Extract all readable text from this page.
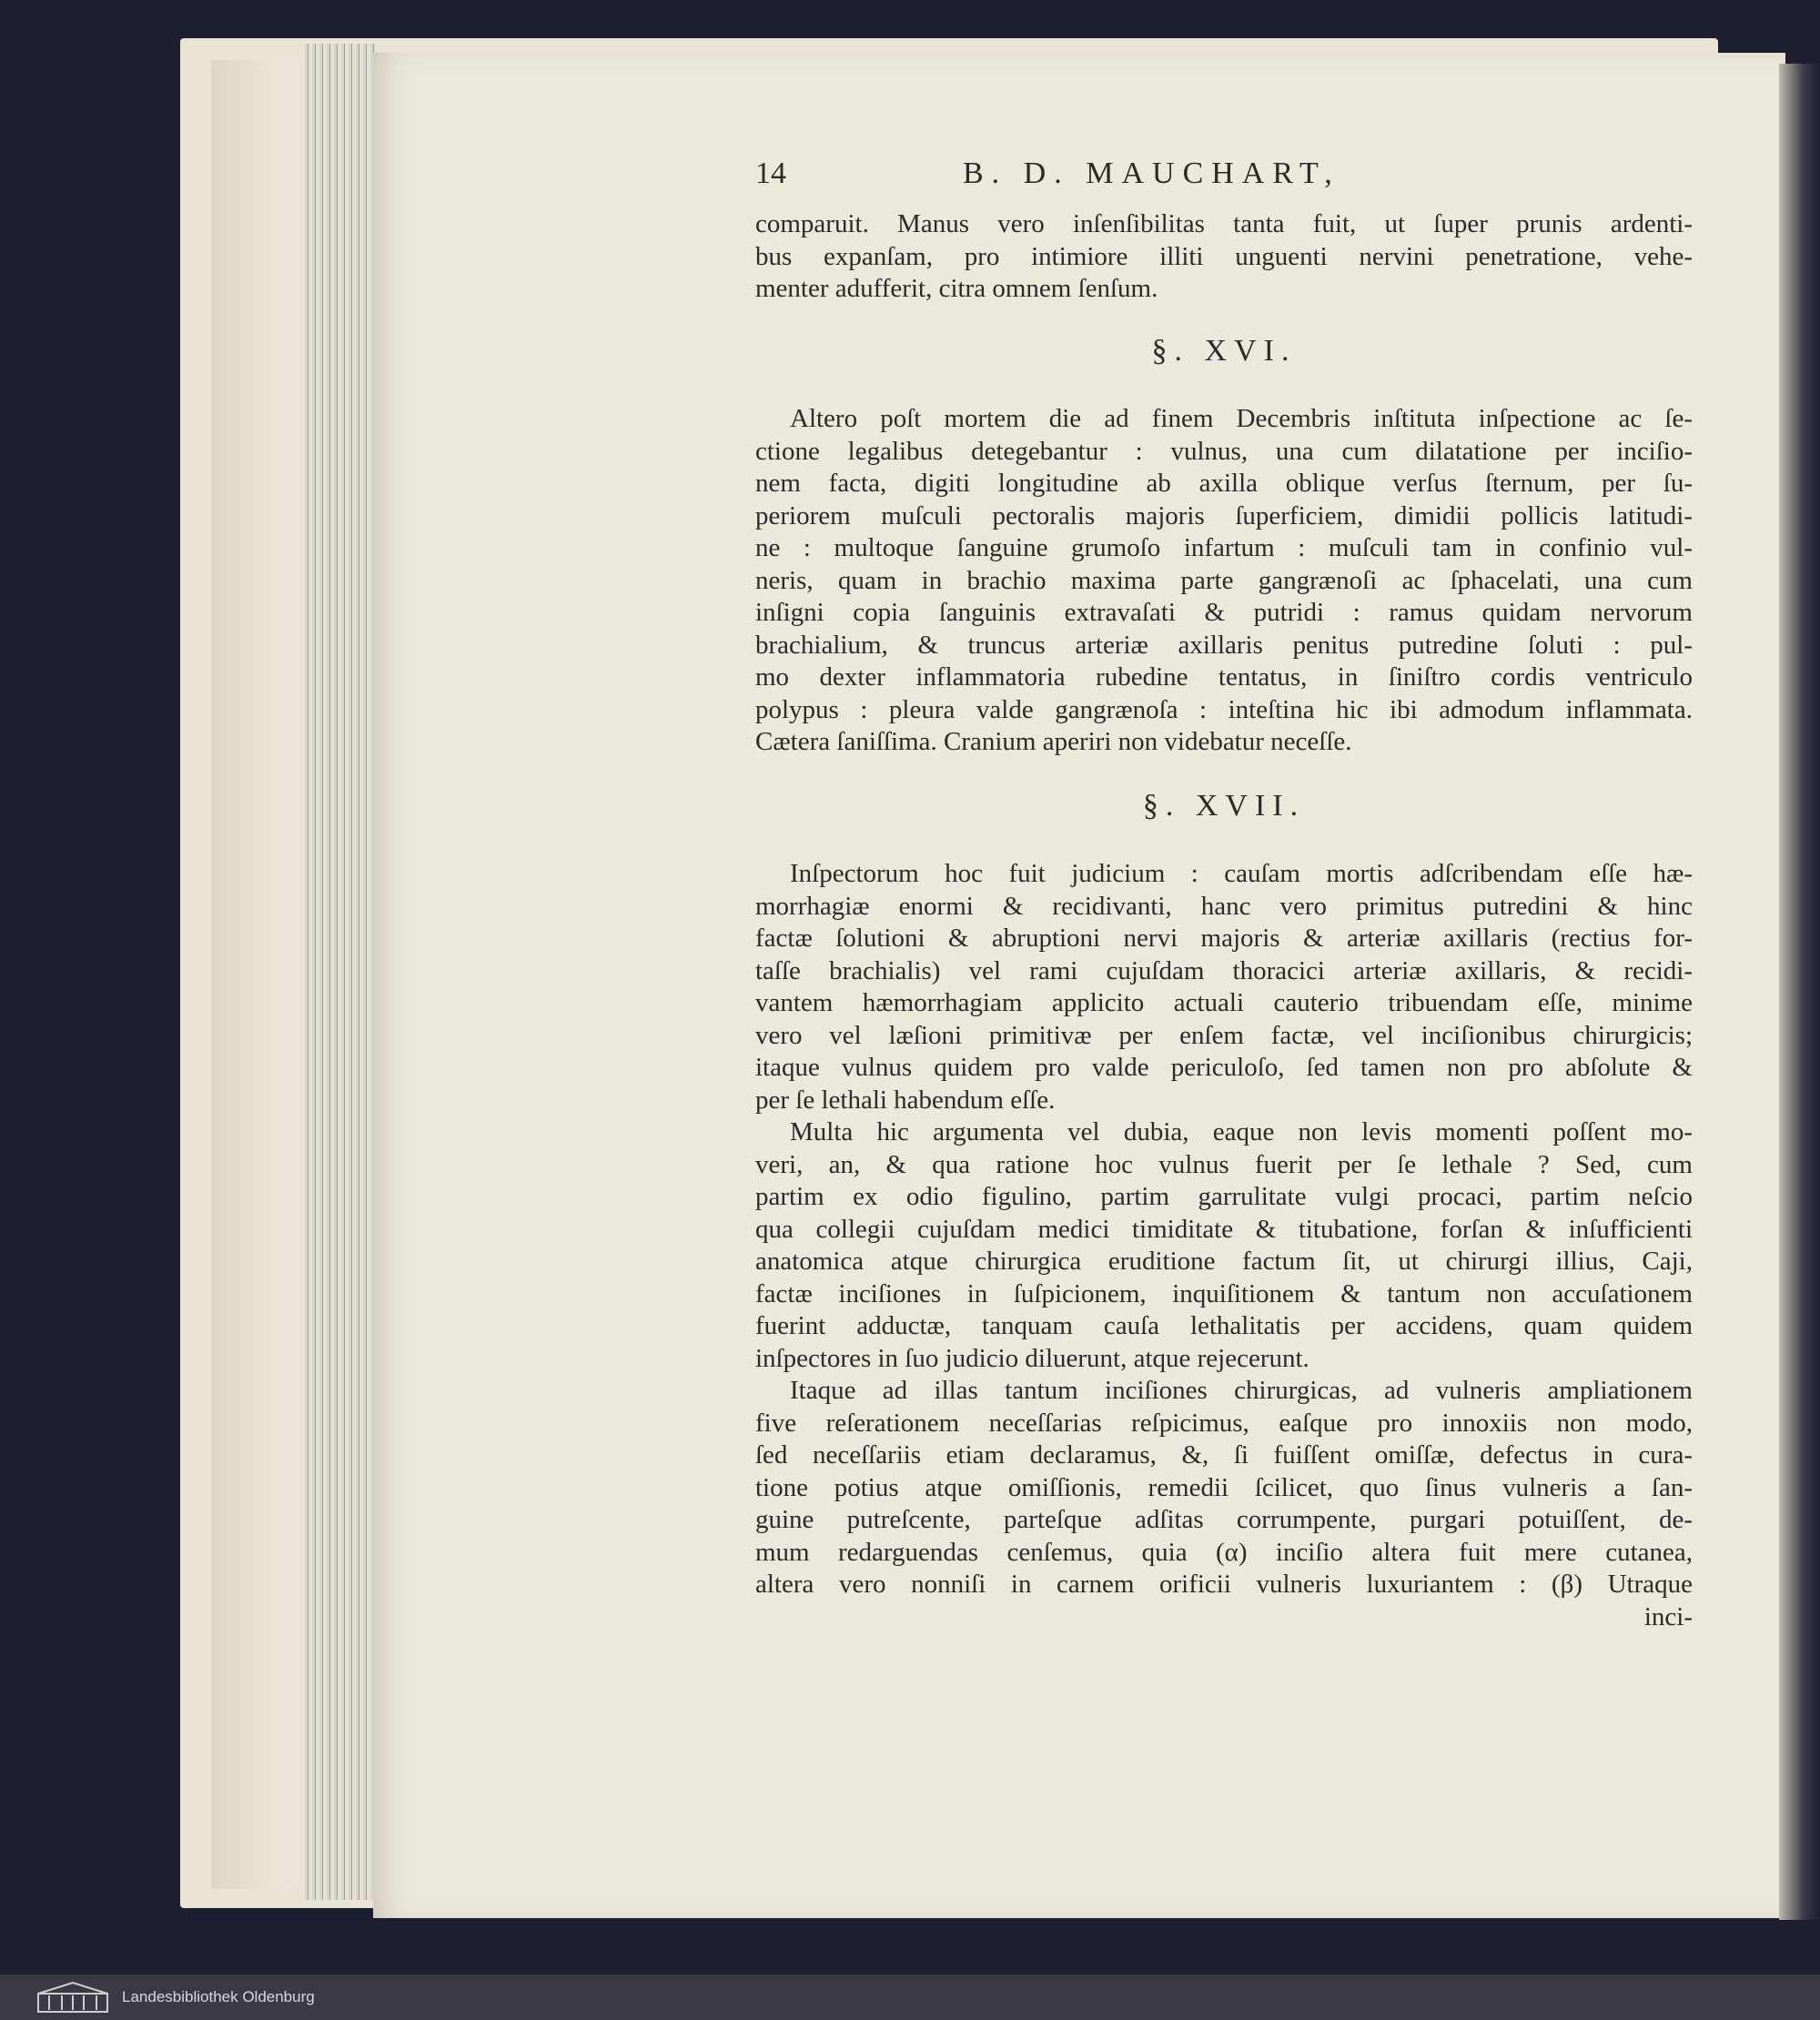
14	B. D. MAUCHART,
comparuit. Manus vero inſenſibilitas tanta fuit, ut ſuper prunis ardenti-
bus expanſam, pro intimiore illiti unguenti nervini penetratione, vehe-
menter adufferit, citra omnem ſenſum.
§. XVI.
Altero poſt mortem die ad finem Decembris inſtituta inſpectione ac ſe-
ctione legalibus detegebantur : vulnus, una cum dilatatione per inciſio-
nem facta, digiti longitudine ab axilla oblique verſus ſternum, per ſu-
periorem muſculi pectoralis majoris ſuperficiem, dimidii pollicis latitudi-
ne : multoque ſanguine grumoſo infartum : muſculi tam in confinio vul-
neris, quam in brachio maxima parte gangrænoſi ac ſphacelati, una cum
inſigni copia ſanguinis extravaſati & putridi : ramus quidam nervorum
brachialium, & truncus arteriæ axillaris penitus putredine ſoluti : pul-
mo dexter inflammatoria rubedine tentatus, in ſiniſtro cordis ventriculo
polypus : pleura valde gangrænoſa : inteſtina hic ibi admodum inflammata.
Cætera ſaniſſima. Cranium aperiri non videbatur neceſſe.
§. XVII.
Inſpectorum hoc fuit judicium : cauſam mortis adſcribendam eſſe hæ-
morrhagiæ enormi & recidivanti, hanc vero primitus putredini & hinc
factæ ſolutioni & abruptioni nervi majoris & arteriæ axillaris (rectius for-
taſſe brachialis) vel rami cujuſdam thoracici arteriæ axillaris, & recidi-
vantem hæmorrhagiam applicito actuali cauterio tribuendam eſſe, minime
vero vel læſioni primitivæ per enſem factæ, vel inciſionibus chirurgicis;
itaque vulnus quidem pro valde periculoſo, ſed tamen non pro abſolute &
per ſe lethali habendum eſſe.
Multa hic argumenta vel dubia, eaque non levis momenti poſſent mo-
veri, an, & qua ratione hoc vulnus fuerit per ſe lethale ? Sed, cum
partim ex odio figulino, partim garrulitate vulgi procaci, partim neſcio
qua collegii cujuſdam medici timiditate & titubatione, forſan & inſufficienti
anatomica atque chirurgica eruditione factum ſit, ut chirurgi illius, Caji,
factæ inciſiones in ſuſpicionem, inquiſitionem & tantum non accuſationem
fuerint adductæ, tanquam cauſa lethalitatis per accidens, quam quidem
inſpectores in ſuo judicio diluerunt, atque rejecerunt.
Itaque ad illas tantum inciſiones chirurgicas, ad vulneris ampliationem
five reſerationem neceſſarias reſpicimus, eaſque pro innoxiis non modo,
ſed neceſſariis etiam declaramus, &, ſi fuiſſent omiſſæ, defectus in cura-
tione potius atque omiſſionis, remedii ſcilicet, quo ſinus vulneris a ſan-
guine putreſcente, parteſque adſitas corrumpente, purgari potuiſſent, de-
mum redarguendas cenſemus, quia (α) inciſio altera fuit mere cutanea,
altera vero nonniſi in carnem orificii vulneris luxuriantem : (β) Utraque
inci-
Landesbibliothek Oldenburg
